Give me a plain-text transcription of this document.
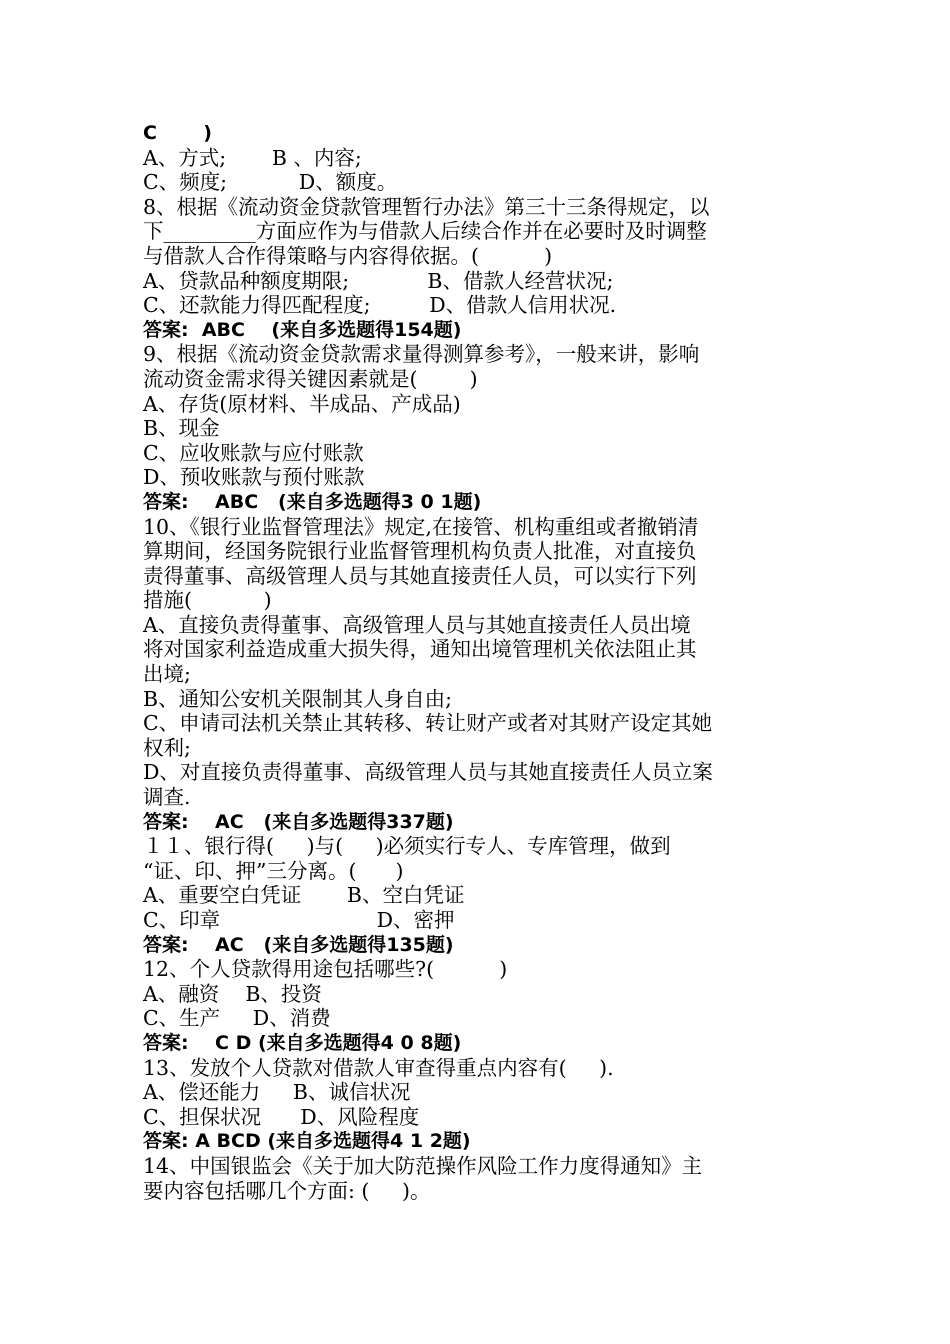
C       )
A、方式;       B 、内容;
C、频度;           D、额度。
8、根据《流动资金贷款管理暂行办法》第三十三条得规定，以
下_________方面应作为与借款人后续合作并在必要时及时调整
与借款人合作得策略与内容得依据。(          )
A、贷款品种额度期限;            B、借款人经营状况;
C、还款能力得匹配程度;         D、借款人信用状况.
答案:  ABC    (来自多选题得154题)
9、根据《流动资金贷款需求量得测算参考》，一般来讲，影响
流动资金需求得关键因素就是(        )
A、存货(原材料、半成品、产成品)
B、现金
C、应收账款与应付账款
D、预收账款与预付账款
答案:    ABC   (来自多选题得3 0 1题)
10、《银行业监督管理法》规定,在接管、机构重组或者撤销清
算期间，经国务院银行业监督管理机构负责人批准，对直接负
责得董事、高级管理人员与其她直接责任人员，可以实行下列
措施(           )
A、直接负责得董事、高级管理人员与其她直接责任人员出境
将对国家利益造成重大损失得，通知出境管理机关依法阻止其
出境;
B、通知公安机关限制其人身自由;
C、申请司法机关禁止其转移、转让财产或者对其财产设定其她
权利;
D、对直接负责得董事、高级管理人员与其她直接责任人员立案
调查.
答案:    AC   (来自多选题得337题)
１１、银行得(     )与(     )必须实行专人、专库管理，做到
“证、印、押”三分离。(      )
A、重要空白凭证       B、空白凭证
C、印章                        D、密押
答案:    AC   (来自多选题得135题)
12、个人贷款得用途包括哪些?(          )
A、融资    B、投资
C、生产     D、消费
答案:    C D (来自多选题得4 0 8题)
13、发放个人贷款对借款人审查得重点内容有(     ).
A、偿还能力     B、诚信状况
C、担保状况      D、风险程度
答案: A BCD (来自多选题得4 1 2题)
14、中国银监会《关于加大防范操作风险工作力度得通知》主
要内容包括哪几个方面: (     )。
